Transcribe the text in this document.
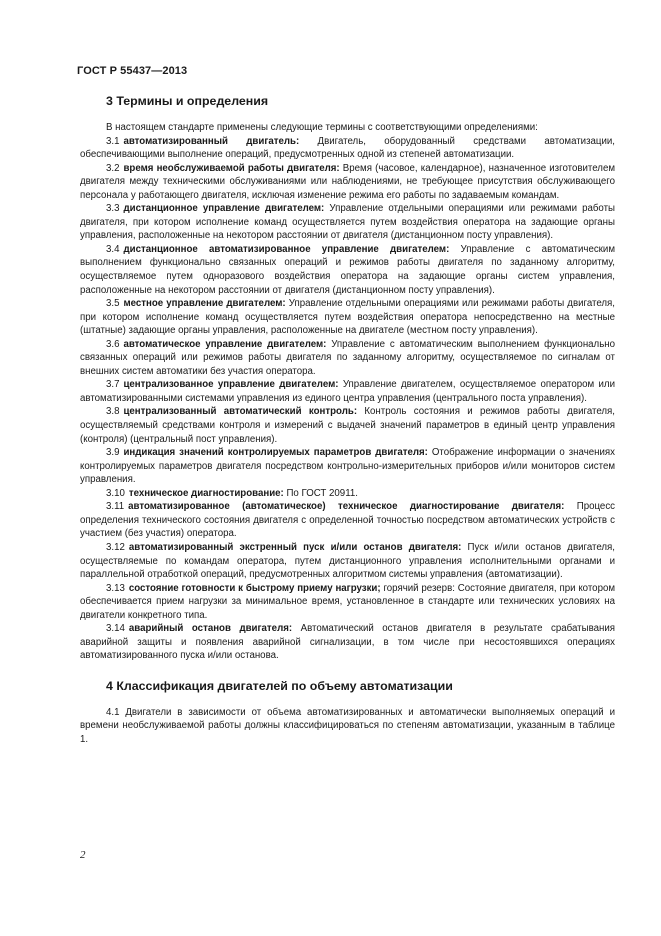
ГОСТ Р 55437—2013
3 Термины и определения

В настоящем стандарте применены следующие термины с соответствующими определениями:

3.1 автоматизированный двигатель: Двигатель, оборудованный средствами автоматизации, обеспечивающими выполнение операций, предусмотренных одной из степеней автоматизации.

3.2 время необслуживаемой работы двигателя: Время (часовое, календарное), назначенное изготовителем двигателя между техническими обслуживаниями или наблюдениями, не требующее присутствия обслуживающего персонала у работающего двигателя, исключая изменение режима его работы по задаваемым командам.

3.3 дистанционное управление двигателем: Управление отдельными операциями или режимами работы двигателя, при котором исполнение команд осуществляется путем воздействия оператора на задающие органы управления, расположенные на некотором расстоянии от двигателя (дистанционном посту управления).

3.4 дистанционное автоматизированное управление двигателем: Управление с автоматическим выполнением функционально связанных операций и режимов работы двигателя по заданному алгоритму, осуществляемое путем одноразового воздействия оператора на задающие органы систем управления, расположенные на некотором расстоянии от двигателя (дистанционном посту управления).

3.5 местное управление двигателем: Управление отдельными операциями или режимами работы двигателя, при котором исполнение команд осуществляется путем воздействия оператора непосредственно на местные (штатные) задающие органы управления, расположенные на двигателе (местном посту управления).

3.6 автоматическое управление двигателем: Управление с автоматическим выполнением функционально связанных операций или режимов работы двигателя по заданному алгоритму, осуществляемое по сигналам от внешних систем автоматики без участия оператора.

3.7 централизованное управление двигателем: Управление двигателем, осуществляемое оператором или автоматизированными системами управления из единого центра управления (центрального поста управления).

3.8 централизованный автоматический контроль: Контроль состояния и режимов работы двигателя, осуществляемый средствами контроля и измерений с выдачей значений параметров в единый центр управления (контроля) (центральный пост управления).

3.9 индикация значений контролируемых параметров двигателя: Отображение информации о значениях контролируемых параметров двигателя посредством контрольно-измерительных приборов и/или мониторов систем управления.

3.10 техническое диагностирование: По ГОСТ 20911.

3.11 автоматизированное (автоматическое) техническое диагностирование двигателя: Процесс определения технического состояния двигателя с определенной точностью посредством автоматических устройств с участием (без участия) оператора.

3.12 автоматизированный экстренный пуск и/или останов двигателя: Пуск и/или останов двигателя, осуществляемые по командам оператора, путем дистанционного управления исполнительными органами и параллельной отработкой операций, предусмотренных алгоритмом системы управления (автоматизации).

3.13 состояние готовности к быстрому приему нагрузки; горячий резерв: Состояние двигателя, при котором обеспечивается прием нагрузки за минимальное время, установленное в стандарте или технических условиях на двигатели конкретного типа.

3.14 аварийный останов двигателя: Автоматический останов двигателя в результате срабатывания аварийной защиты и появления аварийной сигнализации, в том числе при несостоявшихся операциях автоматизированного пуска и/или останова.

4 Классификация двигателей по объему автоматизации

4.1 Двигатели в зависимости от объема автоматизированных и автоматически выполняемых операций и времени необслуживаемой работы должны классифицироваться по степеням автоматизации, указанным в таблице 1.

2
